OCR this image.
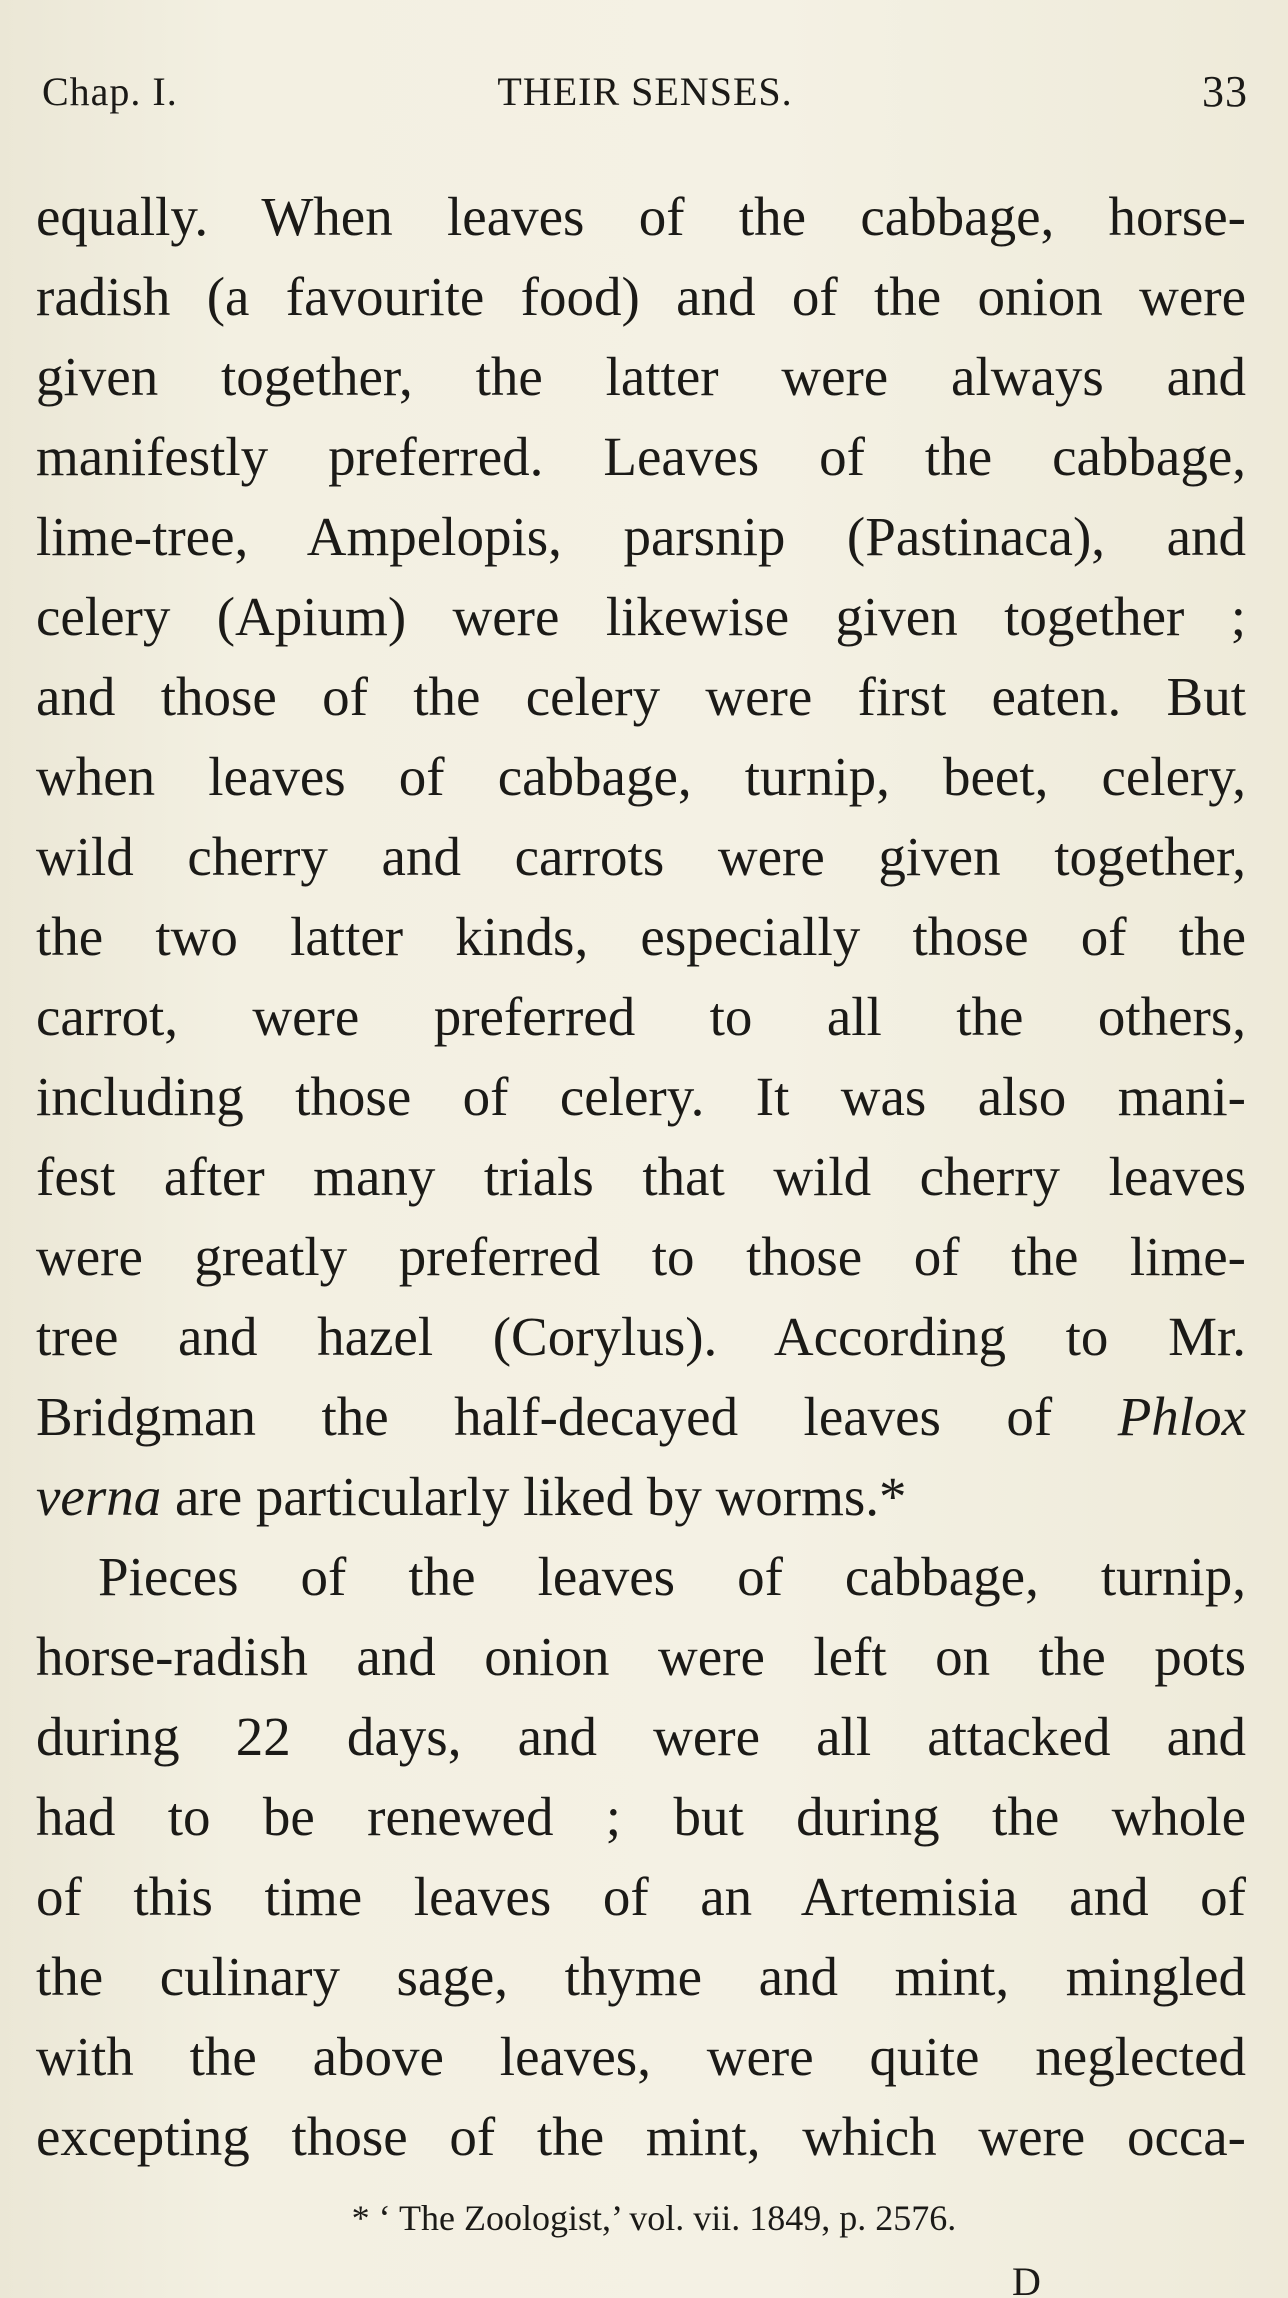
Chap. I.	THEIR SENSES.	33
equally. When leaves of the cabbage, horse-
radish (a favourite food) and of the onion were
given together, the latter were always and
manifestly preferred. Leaves of the cabbage,
lime-tree, Ampelopis, parsnip (Pastinaca), and
celery (Apium) were likewise given together ;
and those of the celery were first eaten. But
when leaves of cabbage, turnip, beet, celery,
wild cherry and carrots were given together,
the two latter kinds, especially those of the
carrot, were preferred to all the others,
including those of celery. It was also mani-
fest after many trials that wild cherry leaves
were greatly preferred to those of the lime-
tree and hazel (Corylus). According to Mr.
Bridgman the half-decayed leaves of Phlox
verna are particularly liked by worms.*
Pieces of the leaves of cabbage, turnip,
horse-radish and onion were left on the pots
during 22 days, and were all attacked and
had to be renewed ; but during the whole
of this time leaves of an Artemisia and of
the culinary sage, thyme and mint, mingled
with the above leaves, were quite neglected
excepting those of the mint, which were occa-
* ‘ The Zoologist,’ vol. vii. 1849, p. 2576.
D
